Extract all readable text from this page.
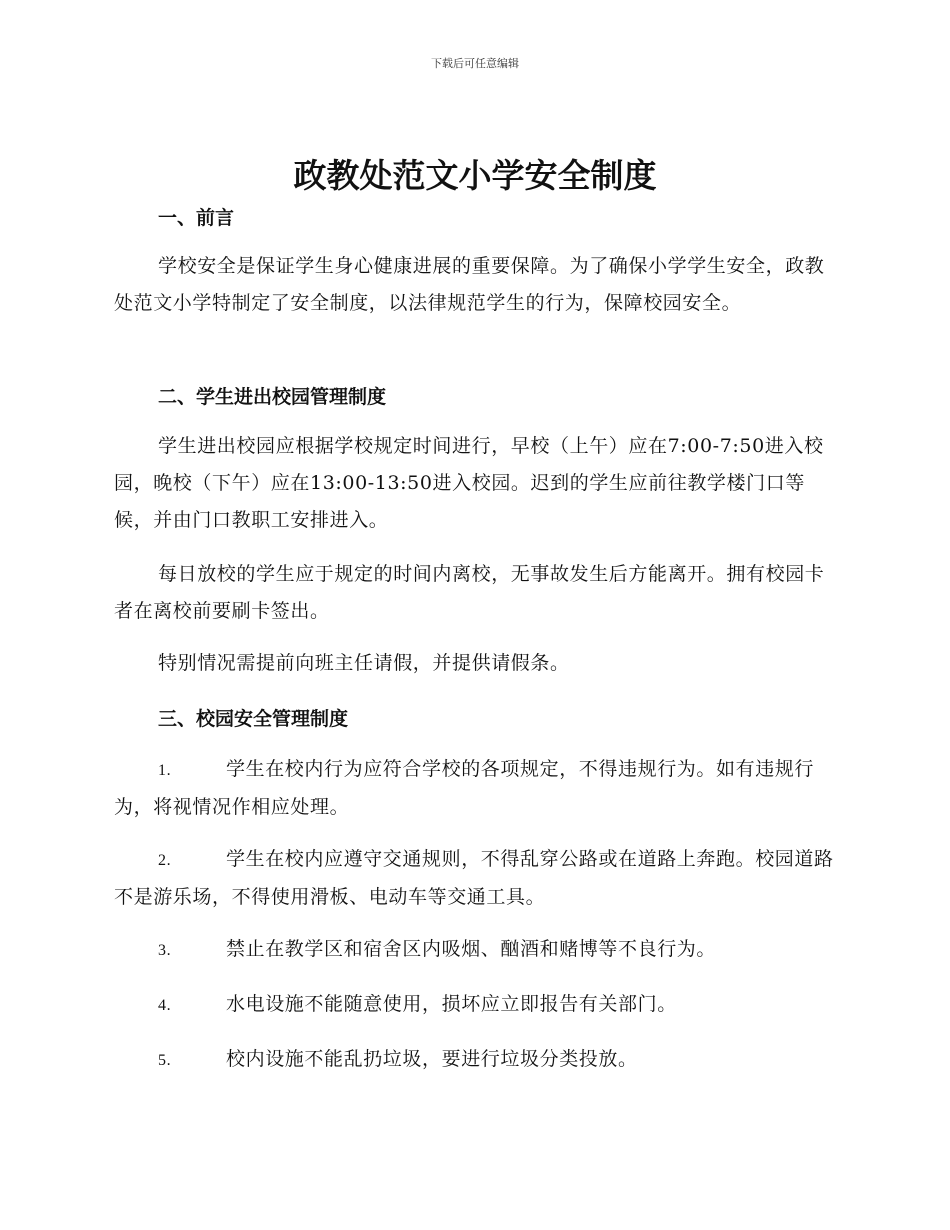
下载后可任意编辑
政教处范文小学安全制度
一、前言
学校安全是保证学生身心健康进展的重要保障。为了确保小学学生安全，政教处范文小学特制定了安全制度，以法律规范学生的行为，保障校园安全。
二、学生进出校园管理制度
学生进出校园应根据学校规定时间进行，早校（上午）应在7:00-7:50进入校园，晚校（下午）应在13:00-13:50进入校园。迟到的学生应前往教学楼门口等候，并由门口教职工安排进入。
每日放校的学生应于规定的时间内离校，无事故发生后方能离开。拥有校园卡者在离校前要刷卡签出。
特别情况需提前向班主任请假，并提供请假条。
三、校园安全管理制度
1.	学生在校内行为应符合学校的各项规定，不得违规行为。如有违规行为，将视情况作相应处理。
2.	学生在校内应遵守交通规则，不得乱穿公路或在道路上奔跑。校园道路不是游乐场，不得使用滑板、电动车等交通工具。
3.	禁止在教学区和宿舍区内吸烟、酗酒和赌博等不良行为。
4.	水电设施不能随意使用，损坏应立即报告有关部门。
5.	校内设施不能乱扔垃圾，要进行垃圾分类投放。
